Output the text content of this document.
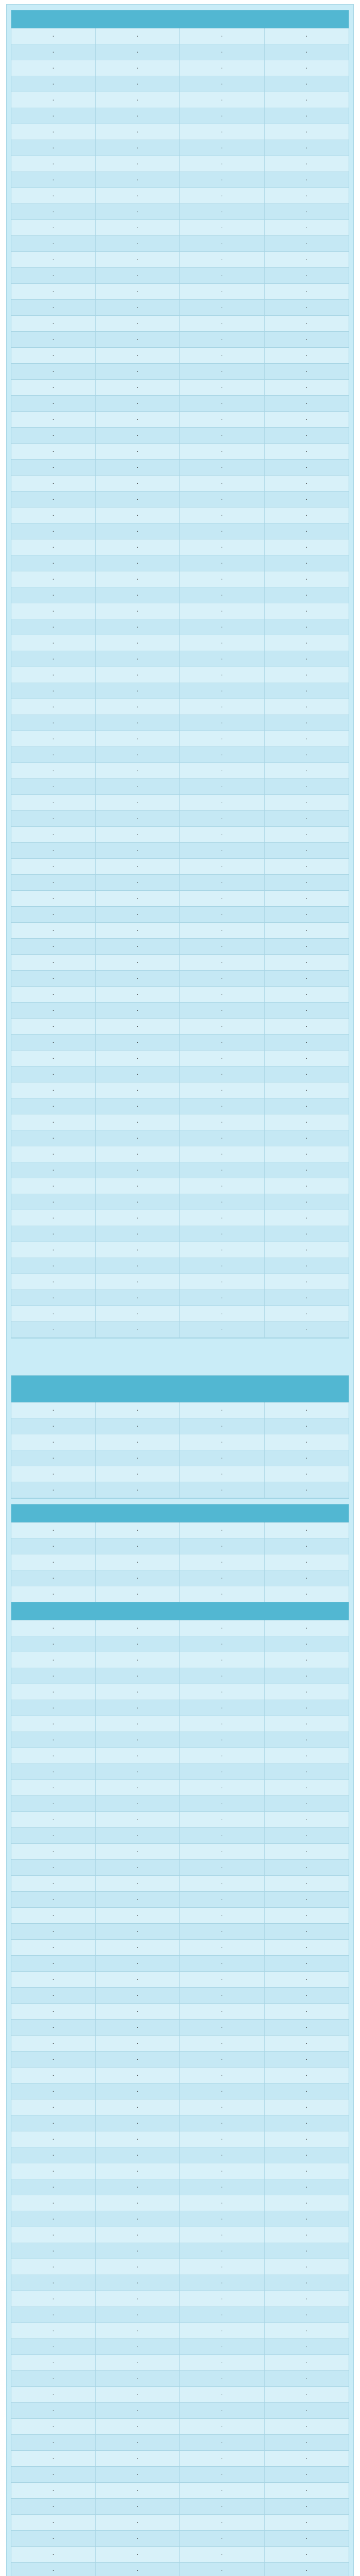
·	·	·	·
·	·	·	·
·	·	·	·
·	·	·	·
·	·	·	·
·	·	·	·
·	·	·	·
·	·	·	·
·	·	·	·
·	·	·	·
·	·	·	·
·	·	·	·
·	·	·	·
·	·	·	·
·	·	·	·
·	·	·	·
·	·	·	·
·	·	·	·
·	·	·	·
·	·	·	·
·	·	·	·
·	·	·	·
·	·	·	·
·	·	·	·
·	·	·	·
·	·	·	·
·	·	·	·
·	·	·	·
·	·	·	·
·	·	·	·
·	·	·	·
·	·	·	·
·	·	·	·
·	·	·	·
·	·	·	·
·	·	·	·
·	·	·	·
·	·	·	·
·	·	·	·
·	·	·	·
·	·	·	·
·	·	·	·
·	·	·	·
·	·	·	·
·	·	·	·
·	·	·	·
·	·	·	·
·	·	·	·
·	·	·	·
·	·	·	·
·	·	·	·
·	·	·	·
·	·	·	·
·	·	·	·
·	·	·	·
·	·	·	·
·	·	·	·
·	·	·	·
·	·	·	·
·	·	·	·
·	·	·	·
·	·	·	·
·	·	·	·
·	·	·	·
·	·	·	·
·	·	·	·
·	·	·	·
·	·	·	·
·	·	·	·
·	·	·	·
·	·	·	·
·	·	·	·
·	·	·	·
·	·	·	·
·	·	·	·
·	·	·	·
·	·	·	·
·	·	·	·
·	·	·	·
·	·	·	·
·	·	·	·
·	·	·	·
·	·	·	·
·	·	·	·
·	·	·	·
·	·	·	·
·	·	·	·
·	·	·	·
·	·	·	·
·	·	·	·
·	·	·	·
·	·	·	·
·	·	·	·
·	·	·	·
·	·	·	·
·	·	·	·
·	·	·	·
·	·	·	·
·	·	·	·
·	·	·	·
·	·	·	·
·	·	·	·
·	·	·	·
·	·	·	·
·	·	·	·
·	·	·	·
·	·	·	·
·	·	·	·
·	·	·	·
·	·	·	·
·	·	·	·
·	·	·	·
·	·	·	·
·	·	·	·
·	·	·	·
·	·	·	·
·	·	·	·
·	·	·	·
·	·	·	·
·	·	·	·
·	·	·	·
·	·	·	·
·	·	·	·
·	·	·	·
·	·	·	·
·	·	·	·
·	·	·	·
·	·	·	·
·	·	·	·
·	·	·	·
·	·	·	·
·	·	·	·
·	·	·	·
·	·	·	·
·	·	·	·
·	·	·	·
·	·	·	·
·	·	·	·
·	·	·	·
·	·	·	·
·	·	·	·
·	·	·	·
·	·	·	·
·	·	·	·
·	·	·	·
·	·	·	·
·	·	·	·
·	·	·	·
·	·	·	·
·	·	·	·
·	·	·	·
·	·	·	·
·	·	·	·
